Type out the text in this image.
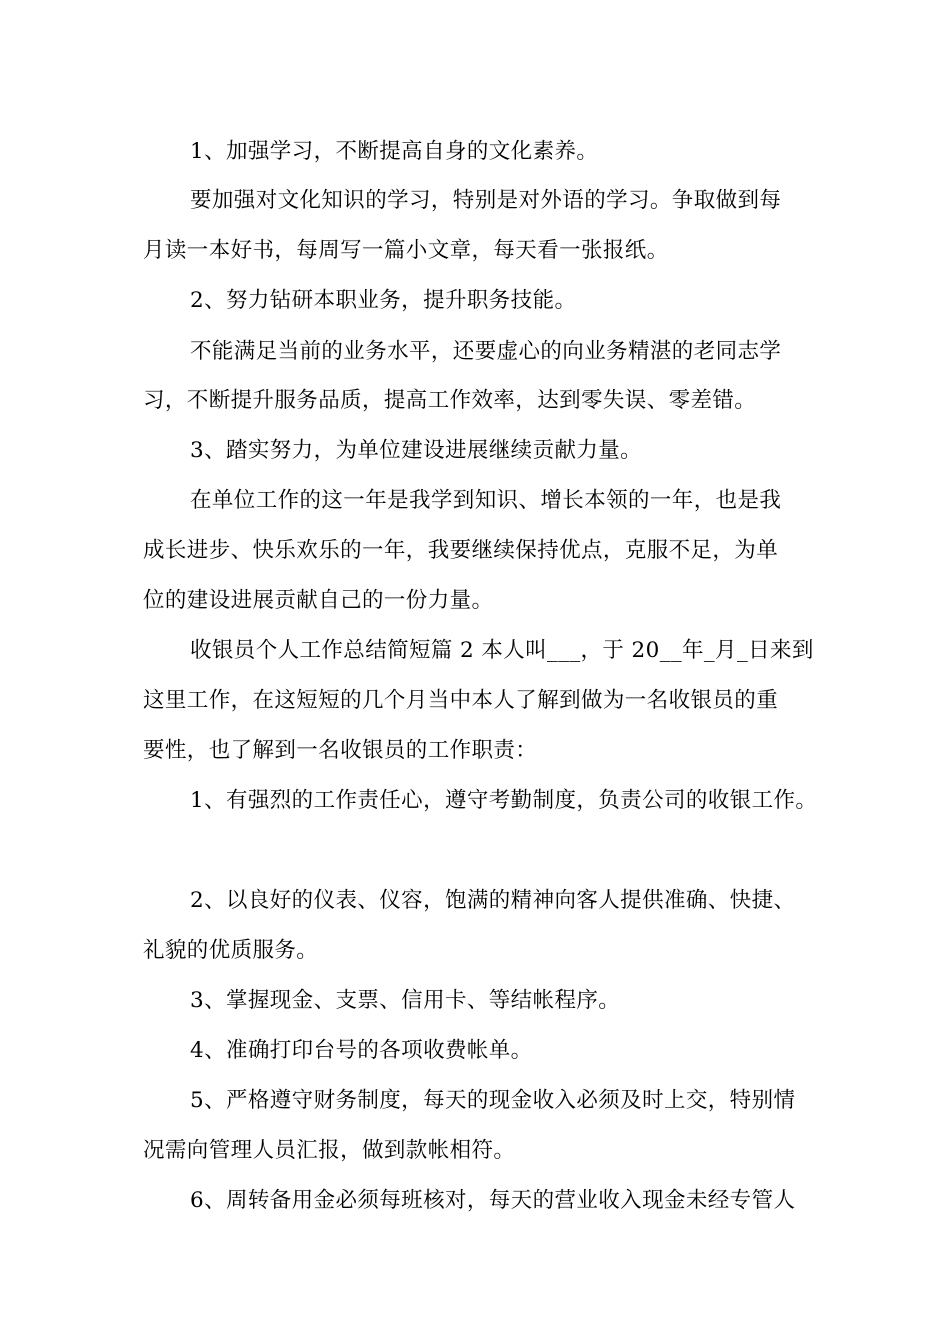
1、加强学习，不断提高自身的文化素养。
要加强对文化知识的学习，特别是对外语的学习。争取做到每
月读一本好书，每周写一篇小文章，每天看一张报纸。
2、努力钻研本职业务，提升职务技能。
不能满足当前的业务水平，还要虚心的向业务精湛的老同志学
习，不断提升服务品质，提高工作效率，达到零失误、零差错。
3、踏实努力，为单位建设进展继续贡献力量。
在单位工作的这一年是我学到知识、增长本领的一年，也是我
成长进步、快乐欢乐的一年，我要继续保持优点，克服不足，为单
位的建设进展贡献自己的一份力量。
收银员个人工作总结简短篇 2 本人叫___，于 20__年_月_日来到
这里工作，在这短短的几个月当中本人了解到做为一名收银员的重
要性，也了解到一名收银员的工作职责：
1、有强烈的工作责任心，遵守考勤制度，负责公司的收银工作。
2、以良好的仪表、仪容，饱满的精神向客人提供准确、快捷、
礼貌的优质服务。
3、掌握现金、支票、信用卡、等结帐程序。
4、准确打印台号的各项收费帐单。
5、严格遵守财务制度，每天的现金收入必须及时上交，特别情
况需向管理人员汇报，做到款帐相符。
6、周转备用金必须每班核对，每天的营业收入现金未经专管人
